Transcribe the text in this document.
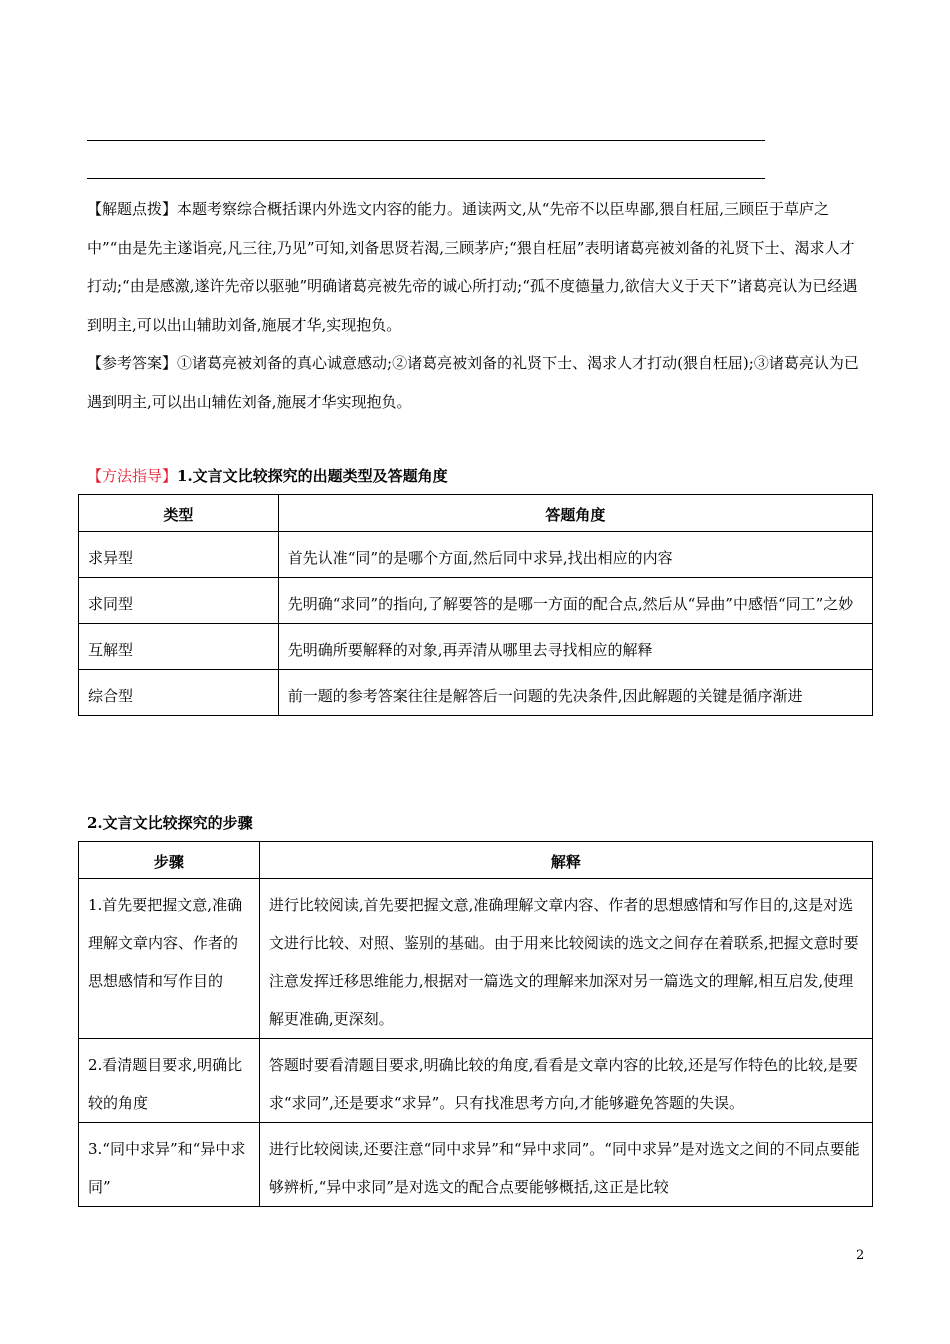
【解题点拨】本题考察综合概括课内外选文内容的能力。通读两文,从“先帝不以臣卑鄙,猥自枉屈,三顾臣于草庐之中”“由是先主遂诣亮,凡三往,乃见”可知,刘备思贤若渴,三顾茅庐;“猥自枉屈”表明诸葛亮被刘备的礼贤下士、渴求人才打动;“由是感激,遂许先帝以驱驰”明确诸葛亮被先帝的诚心所打动;“孤不度德量力,欲信大义于天下”诸葛亮认为已经遇到明主,可以出山辅助刘备,施展才华,实现抱负。

【参考答案】①诸葛亮被刘备的真心诚意感动;②诸葛亮被刘备的礼贤下士、渴求人才打动(猥自枉屈);③诸葛亮认为已遇到明主,可以出山辅佐刘备,施展才华实现抱负。

【方法指导】1.文言文比较探究的出题类型及答题角度
类型	答题角度
求异型	首先认准“同”的是哪个方面,然后同中求异,找出相应的内容
求同型	先明确“求同”的指向,了解要答的是哪一方面的配合点,然后从“异曲”中感悟“同工”之妙
互解型	先明确所要解释的对象,再弄清从哪里去寻找相应的解释
综合型	前一题的参考答案往往是解答后一问题的先决条件,因此解题的关键是循序渐进
2.文言文比较探究的步骤
步骤	解释
1.首先要把握文意,准确理解文章内容、作者的思想感情和写作目的	进行比较阅读,首先要把握文意,准确理解文章内容、作者的思想感情和写作目的,这是对选文进行比较、对照、鉴别的基础。由于用来比较阅读的选文之间存在着联系,把握文意时要注意发挥迁移思维能力,根据对一篇选文的理解来加深对另一篇选文的理解,相互启发,使理解更准确,更深刻。
2.看清题目要求,明确比较的角度	答题时要看清题目要求,明确比较的角度,看看是文章内容的比较,还是写作特色的比较,是要求“求同”,还是要求“求异”。只有找准思考方向,才能够避免答题的失误。
3.“同中求异”和“异中求同”	进行比较阅读,还要注意“同中求异”和“异中求同”。“同中求异”是对选文之间的不同点要能够辨析,“异中求同”是对选文的配合点要能够概括,这正是比较
2
